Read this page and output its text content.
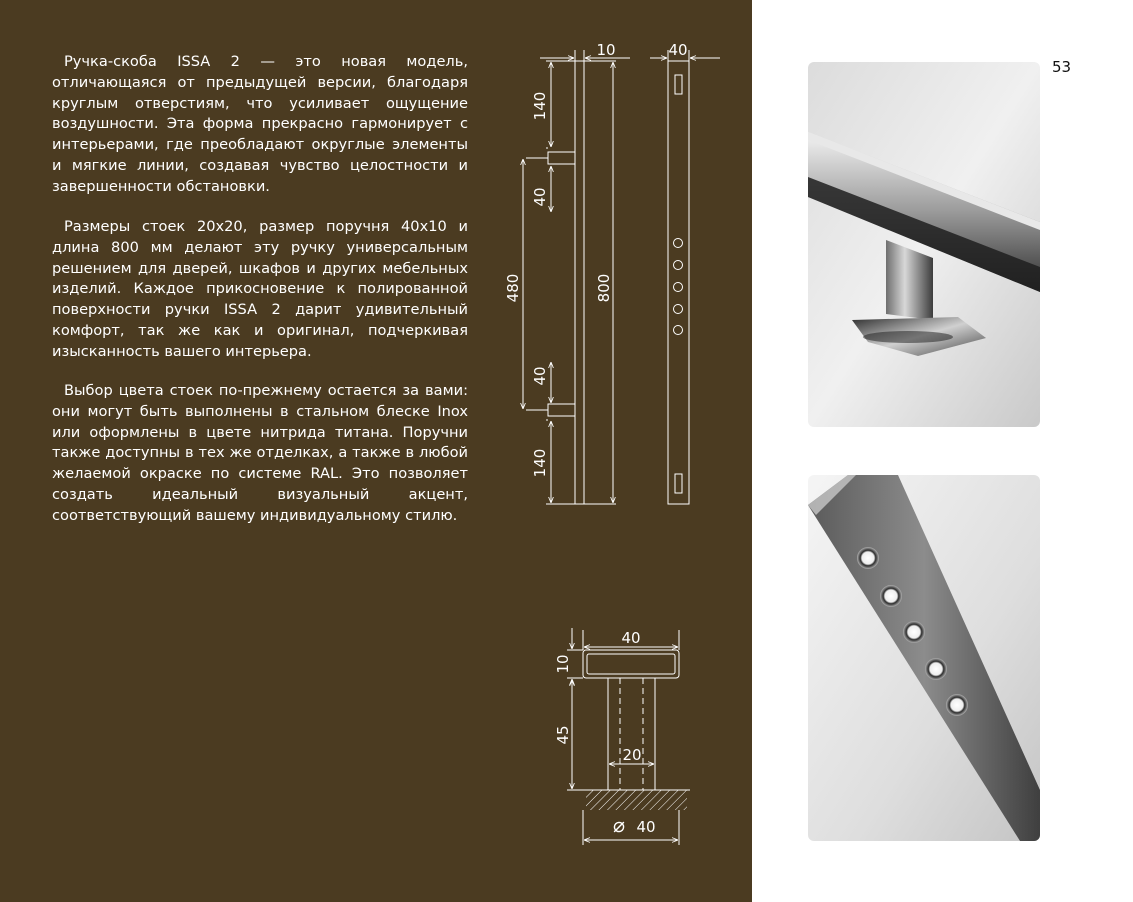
Ручка-скоба ISSA 2 — это новая модель, отличающаяся от предыдущей версии, благодаря круглым отверстиям, что усиливает ощущение воздушности. Эта форма прекрасно гармонирует с интерьерами, где преобладают округлые элементы и мягкие линии, создавая чувство целостности и завершенности обстановки.

Размеры стоек 20х20, размер поручня 40х10 и длина 800 мм делают эту ручку универсальным решением для дверей, шкафов и других мебельных изделий. Каждое прикосновение к полированной поверхности ручки ISSA 2 дарит удивительный комфорт, так же как и оригинал, подчеркивая изысканность вашего интерьера.

Выбор цвета стоек по-прежнему остается за вами: они могут быть выполнены в стальном блеске Inox или оформлены в цвете нитрида титана. Поручни также доступны в тех же отделках, а также в любой желаемой окраске по системе RAL. Это позволяет создать идеальный визуальный акцент, соответствующий вашему индивидуальному стилю.

10	40
140
40
480	800
40
140
40
10
45
20
⌀ 40
53
